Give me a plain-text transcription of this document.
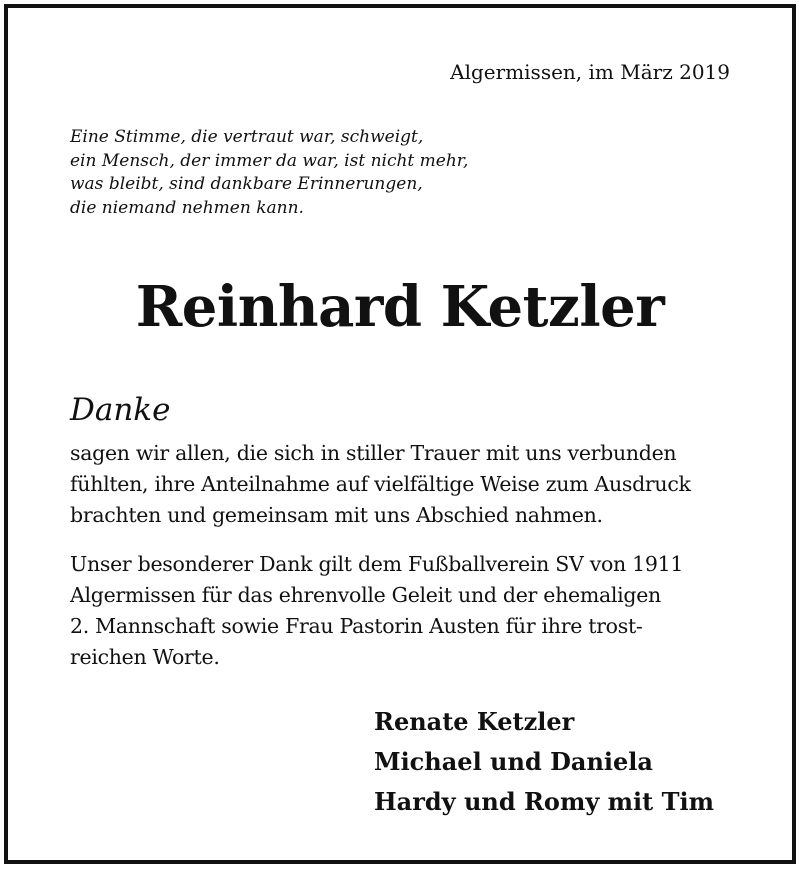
Algermissen, im März 2019
Eine Stimme, die vertraut war, schweigt,
ein Mensch, der immer da war, ist nicht mehr,
was bleibt, sind dankbare Erinnerungen,
die niemand nehmen kann.
Reinhard Ketzler
Danke
sagen wir allen, die sich in stiller Trauer mit uns verbunden
fühlten, ihre Anteilnahme auf vielfältige Weise zum Ausdruck
brachten und gemeinsam mit uns Abschied nahmen.
Unser besonderer Dank gilt dem Fußballverein SV von 1911
Algermissen für das ehrenvolle Geleit und der ehemaligen
2. Mannschaft sowie Frau Pastorin Austen für ihre trost-
reichen Worte.
Renate Ketzler
Michael und Daniela
Hardy und Romy mit Tim
